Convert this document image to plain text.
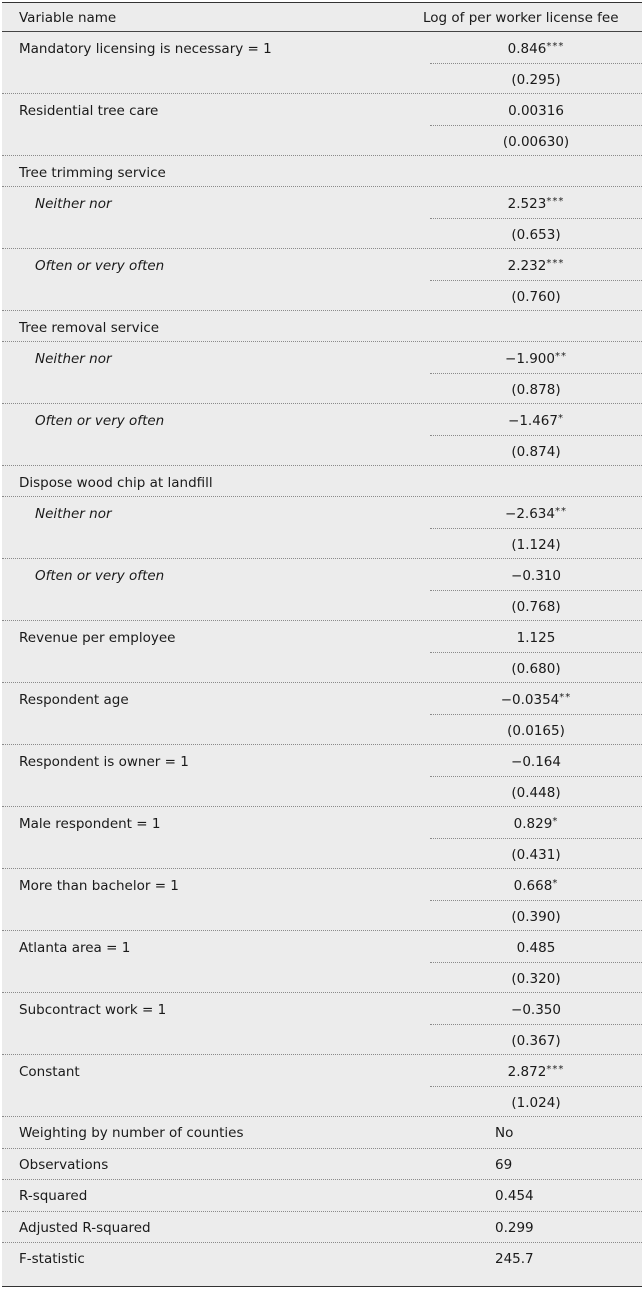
Variable name	Log of per worker license fee
Mandatory licensing is necessary = 1	0.846***
(0.295)
Residential tree care	0.00316
(0.00630)
Tree trimming service
Neither nor	2.523***
(0.653)
Often or very often	2.232***
(0.760)
Tree removal service
Neither nor	−1.900**
(0.878)
Often or very often	−1.467*
(0.874)
Dispose wood chip at landfill
Neither nor	−2.634**
(1.124)
Often or very often	−0.310
(0.768)
Revenue per employee	1.125
(0.680)
Respondent age	−0.0354**
(0.0165)
Respondent is owner = 1	−0.164
(0.448)
Male respondent = 1	0.829*
(0.431)
More than bachelor = 1	0.668*
(0.390)
Atlanta area = 1	0.485
(0.320)
Subcontract work = 1	−0.350
(0.367)
Constant	2.872***
(1.024)
Weighting by number of counties	No
Observations	69
R-squared	0.454
Adjusted R-squared	0.299
F-statistic	245.7
